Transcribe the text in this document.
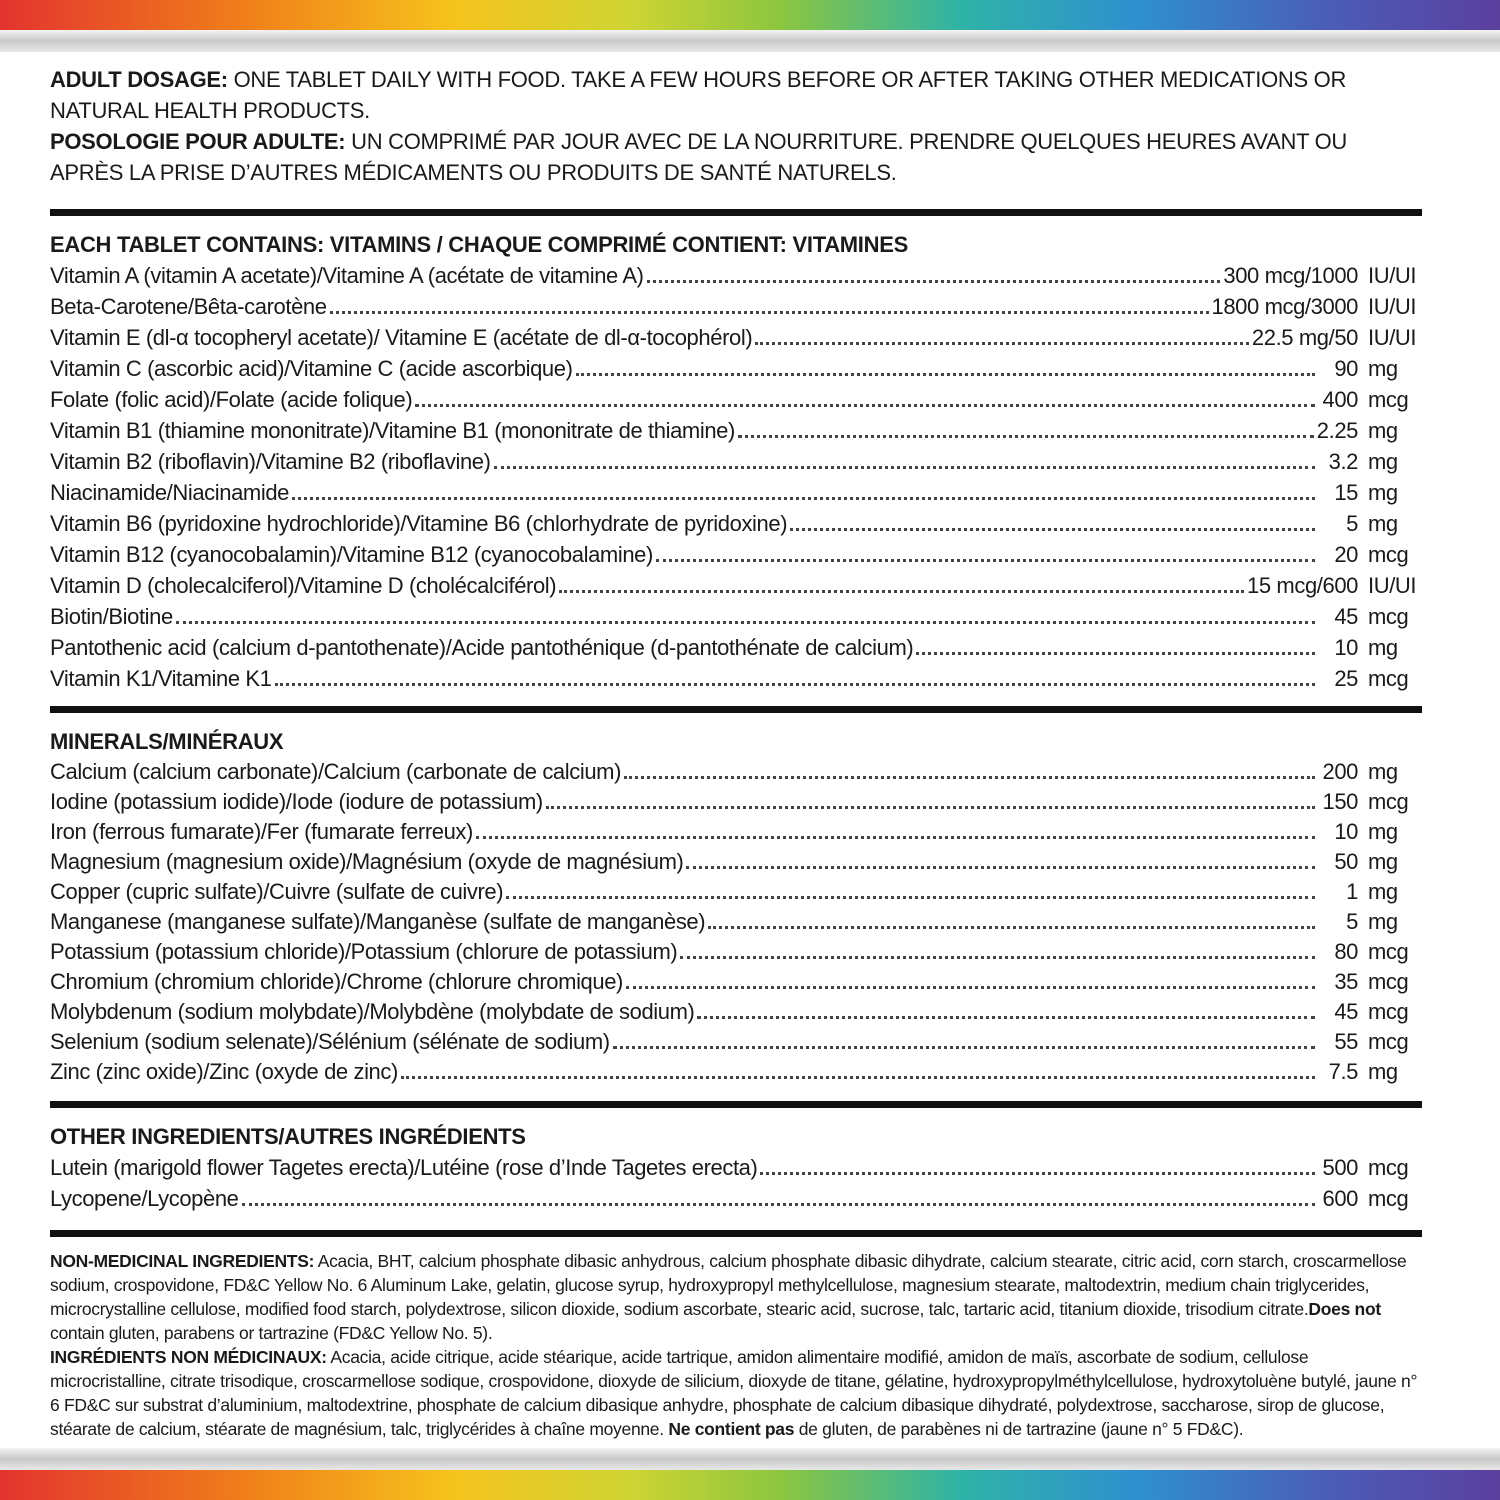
ADULT DOSAGE: ONE TABLET DAILY WITH FOOD. TAKE A FEW HOURS BEFORE OR AFTER TAKING OTHER MEDICATIONS OR NATURAL HEALTH PRODUCTS.
POSOLOGIE POUR ADULTE: UN COMPRIMÉ PAR JOUR AVEC DE LA NOURRITURE. PRENDRE QUELQUES HEURES AVANT OU APRÈS LA PRISE D’AUTRES MÉDICAMENTS OU PRODUITS DE SANTÉ NATURELS.
EACH TABLET CONTAINS: VITAMINS / CHAQUE COMPRIMÉ CONTIENT: VITAMINES
Vitamin A (vitamin A acetate)/Vitamine A (acétate de vitamine A)	300 mcg/1000 IU/UI
Beta-Carotene/Bêta-carotène	1800 mcg/3000 IU/UI
Vitamin E (dl-α tocopheryl acetate)/ Vitamine E (acétate de dl-α-tocophérol)	22.5 mg/50 IU/UI
Vitamin C (ascorbic acid)/Vitamine C (acide ascorbique)	90 mg
Folate (folic acid)/Folate (acide folique)	400 mcg
Vitamin B1 (thiamine mononitrate)/Vitamine B1 (mononitrate de thiamine)	2.25 mg
Vitamin B2 (riboflavin)/Vitamine B2 (riboflavine)	3.2 mg
Niacinamide/Niacinamide	15 mg
Vitamin B6 (pyridoxine hydrochloride)/Vitamine B6 (chlorhydrate de pyridoxine)	5 mg
Vitamin B12 (cyanocobalamin)/Vitamine B12 (cyanocobalamine)	20 mcg
Vitamin D (cholecalciferol)/Vitamine D (cholécalciférol)	15 mcg/600 IU/UI
Biotin/Biotine	45 mcg
Pantothenic acid (calcium d-pantothenate)/Acide pantothénique (d-pantothénate de calcium)	10 mg
Vitamin K1/Vitamine K1	25 mcg
MINERALS/MINÉRAUX
Calcium (calcium carbonate)/Calcium (carbonate de calcium)	200 mg
Iodine (potassium iodide)/Iode (iodure de potassium)	150 mcg
Iron (ferrous fumarate)/Fer (fumarate ferreux)	10 mg
Magnesium (magnesium oxide)/Magnésium (oxyde de magnésium)	50 mg
Copper (cupric sulfate)/Cuivre (sulfate de cuivre)	1 mg
Manganese (manganese sulfate)/Manganèse (sulfate de manganèse)	5 mg
Potassium (potassium chloride)/Potassium (chlorure de potassium)	80 mcg
Chromium (chromium chloride)/Chrome (chlorure chromique)	35 mcg
Molybdenum (sodium molybdate)/Molybdène (molybdate de sodium)	45 mcg
Selenium (sodium selenate)/Sélénium (sélénate de sodium)	55 mcg
Zinc (zinc oxide)/Zinc (oxyde de zinc)	7.5 mg
OTHER INGREDIENTS/AUTRES INGRÉDIENTS
Lutein (marigold flower Tagetes erecta)/Lutéine (rose d’Inde Tagetes erecta)	500 mcg
Lycopene/Lycopène	600 mcg

NON-MEDICINAL INGREDIENTS: Acacia, BHT, calcium phosphate dibasic anhydrous, calcium phosphate dibasic dihydrate, calcium stearate, citric acid, corn starch, croscarmellose sodium, crospovidone, FD&C Yellow No. 6 Aluminum Lake, gelatin, glucose syrup, hydroxypropyl methylcellulose, magnesium stearate, maltodextrin, medium chain triglycerides, microcrystalline cellulose, modified food starch, polydextrose, silicon dioxide, sodium ascorbate, stearic acid, sucrose, talc, tartaric acid, titanium dioxide, trisodium citrate.Does not contain gluten, parabens or tartrazine (FD&C Yellow No. 5).

INGRÉDIENTS NON MÉDICINAUX: Acacia, acide citrique, acide stéarique, acide tartrique, amidon alimentaire modifié, amidon de maïs, ascorbate de sodium, cellulose microcristalline, citrate trisodique, croscarmellose sodique, crospovidone, dioxyde de silicium, dioxyde de titane, gélatine, hydroxypropylméthylcellulose, hydroxytoluène butylé, jaune n° 6 FD&C sur substrat d’aluminium, maltodextrine, phosphate de calcium dibasique anhydre, phosphate de calcium dibasique dihydraté, polydextrose, saccharose, sirop de glucose, stéarate de calcium, stéarate de magnésium, talc, triglycérides à chaîne moyenne. Ne contient pas de gluten, de parabènes ni de tartrazine (jaune n° 5 FD&C).
